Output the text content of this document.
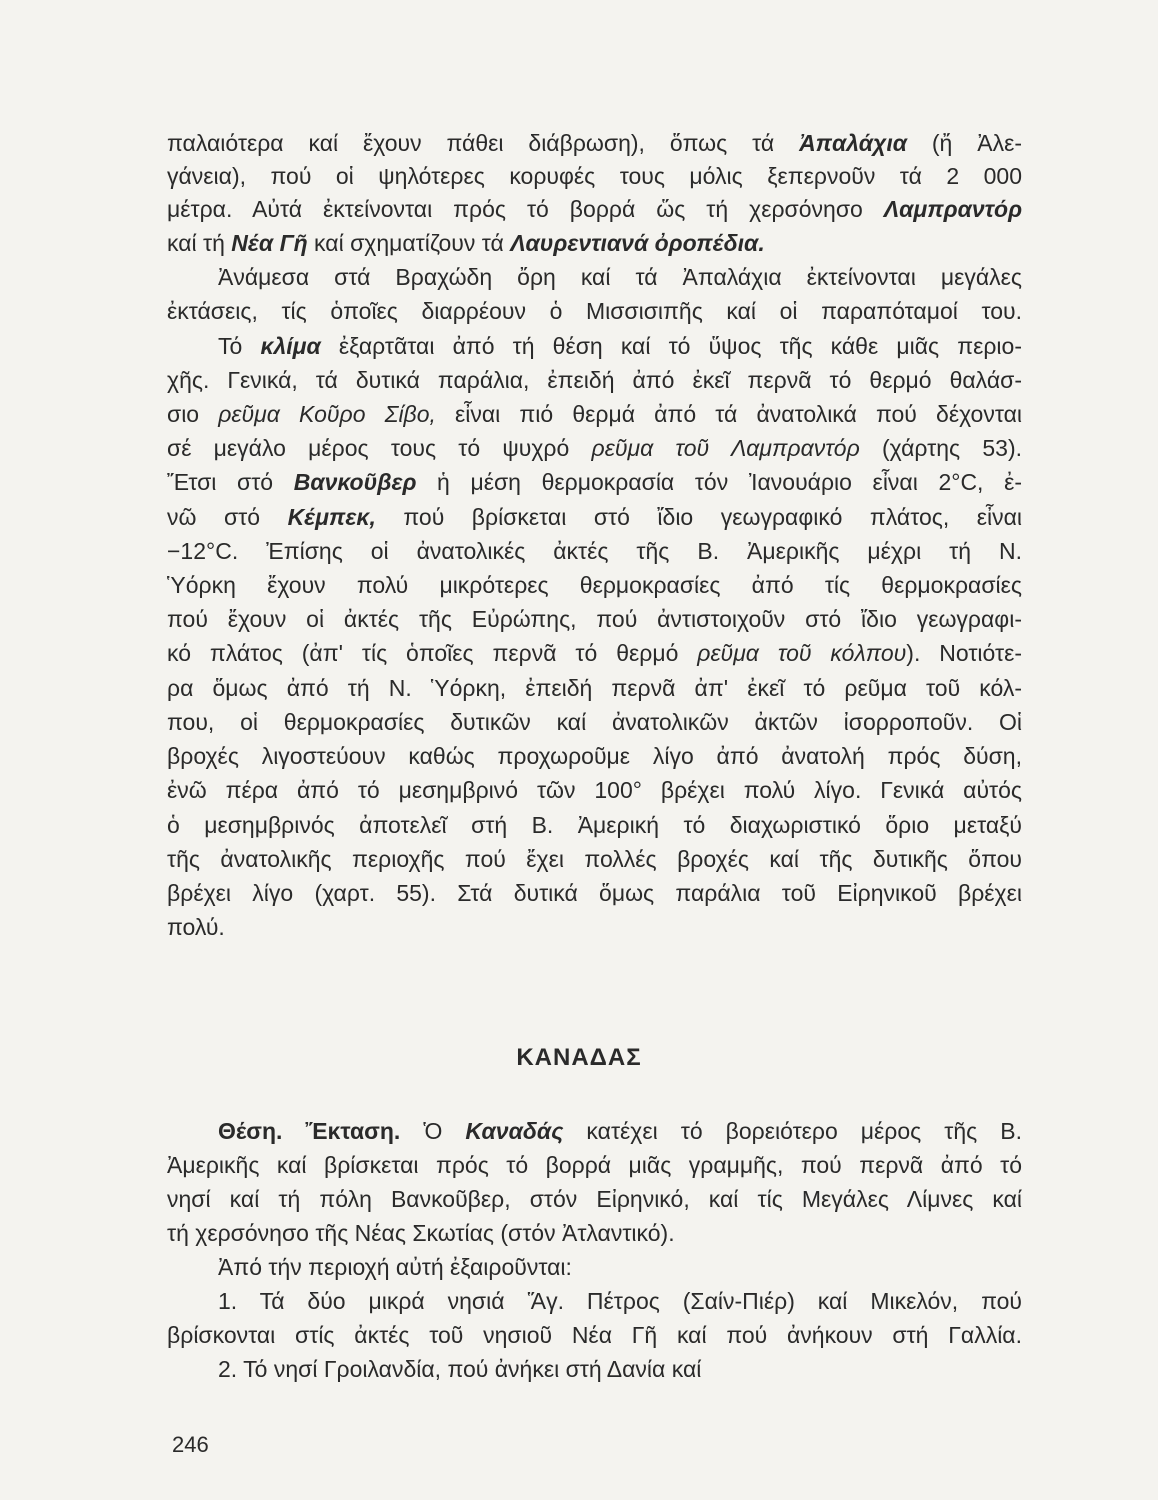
παλαιότερα καί ἔχουν πάθει διάβρωση), ὅπως τά Ἀπαλάχια (ἤ Ἀλε-
γάνεια), πού οἱ ψηλότερες κορυφές τους μόλις ξεπερνοῦν τά 2 000
μέτρα. Αὐτά ἐκτείνονται πρός τό βορρά ὥς τή χερσόνησο Λαμπραντόρ
καί τή Νέα Γῆ καί σχηματίζουν τά Λαυρεντιανά ὀροπέδια.
Ἀνάμεσα στά Βραχώδη ὄρη καί τά Ἀπαλάχια ἐκτείνονται μεγάλες
ἐκτάσεις, τίς ὁποῖες διαρρέουν ὁ Μισσισιπῆς καί οἱ παραπόταμοί του.
Τό κλίμα ἐξαρτᾶται ἀπό τή θέση καί τό ὕψος τῆς κάθε μιᾶς περιο-
χῆς. Γενικά, τά δυτικά παράλια, ἐπειδή ἀπό ἐκεῖ περνᾶ τό θερμό θαλάσ-
σιο ρεῦμα Κοῦρο Σίβο, εἶναι πιό θερμά ἀπό τά ἀνατολικά πού δέχονται
σέ μεγάλο μέρος τους τό ψυχρό ρεῦμα τοῦ Λαμπραντόρ (χάρτης 53).
Ἔτσι στό Βανκοῦβερ ἡ μέση θερμοκρασία τόν Ἰανουάριο εἶναι 2°C, ἐ-
νῶ στό Κέμπεκ, πού βρίσκεται στό ἴδιο γεωγραφικό πλάτος, εἶναι
−12°C. Ἐπίσης οἱ ἀνατολικές ἀκτές τῆς Β. Ἀμερικῆς μέχρι τή Ν.
Ὑόρκη ἔχουν πολύ μικρότερες θερμοκρασίες ἀπό τίς θερμοκρασίες
πού ἔχουν οἱ ἀκτές τῆς Εὐρώπης, πού ἀντιστοιχοῦν στό ἴδιο γεωγραφι-
κό πλάτος (ἀπ' τίς ὁποῖες περνᾶ τό θερμό ρεῦμα τοῦ κόλπου). Νοτιότε-
ρα ὅμως ἀπό τή Ν. Ὑόρκη, ἐπειδή περνᾶ ἀπ' ἐκεῖ τό ρεῦμα τοῦ κόλ-
που, οἱ θερμοκρασίες δυτικῶν καί ἀνατολικῶν ἀκτῶν ἰσορροποῦν. Οἱ
βροχές λιγοστεύουν καθώς προχωροῦμε λίγο ἀπό ἀνατολή πρός δύση,
ἐνῶ πέρα ἀπό τό μεσημβρινό τῶν 100° βρέχει πολύ λίγο. Γενικά αὐτός
ὁ μεσημβρινός ἀποτελεῖ στή Β. Ἀμερική τό διαχωριστικό ὅριο μεταξύ
τῆς ἀνατολικῆς περιοχῆς πού ἔχει πολλές βροχές καί τῆς δυτικῆς ὅπου
βρέχει λίγο (χαρτ. 55). Στά δυτικά ὅμως παράλια τοῦ Εἰρηνικοῦ βρέχει
πολύ.
ΚΑΝΑΔΑΣ
Θέση. Ἔκταση. Ὁ Καναδάς κατέχει τό βορειότερο μέρος τῆς Β.
Ἀμερικῆς καί βρίσκεται πρός τό βορρά μιᾶς γραμμῆς, πού περνᾶ ἀπό τό
νησί καί τή πόλη Βανκοῦβερ, στόν Εἰρηνικό, καί τίς Μεγάλες Λίμνες καί
τή χερσόνησο τῆς Νέας Σκωτίας (στόν Ἀτλαντικό).
Ἀπό τήν περιοχή αὐτή ἐξαιροῦνται:
1. Τά δύο μικρά νησιά Ἅγ. Πέτρος (Σαίν-Πιέρ) καί Μικελόν, πού
βρίσκονται στίς ἀκτές τοῦ νησιοῦ Νέα Γῆ καί πού ἀνήκουν στή Γαλλία.
2. Τό νησί Γροιλανδία, πού ἀνήκει στή Δανία καί
246
